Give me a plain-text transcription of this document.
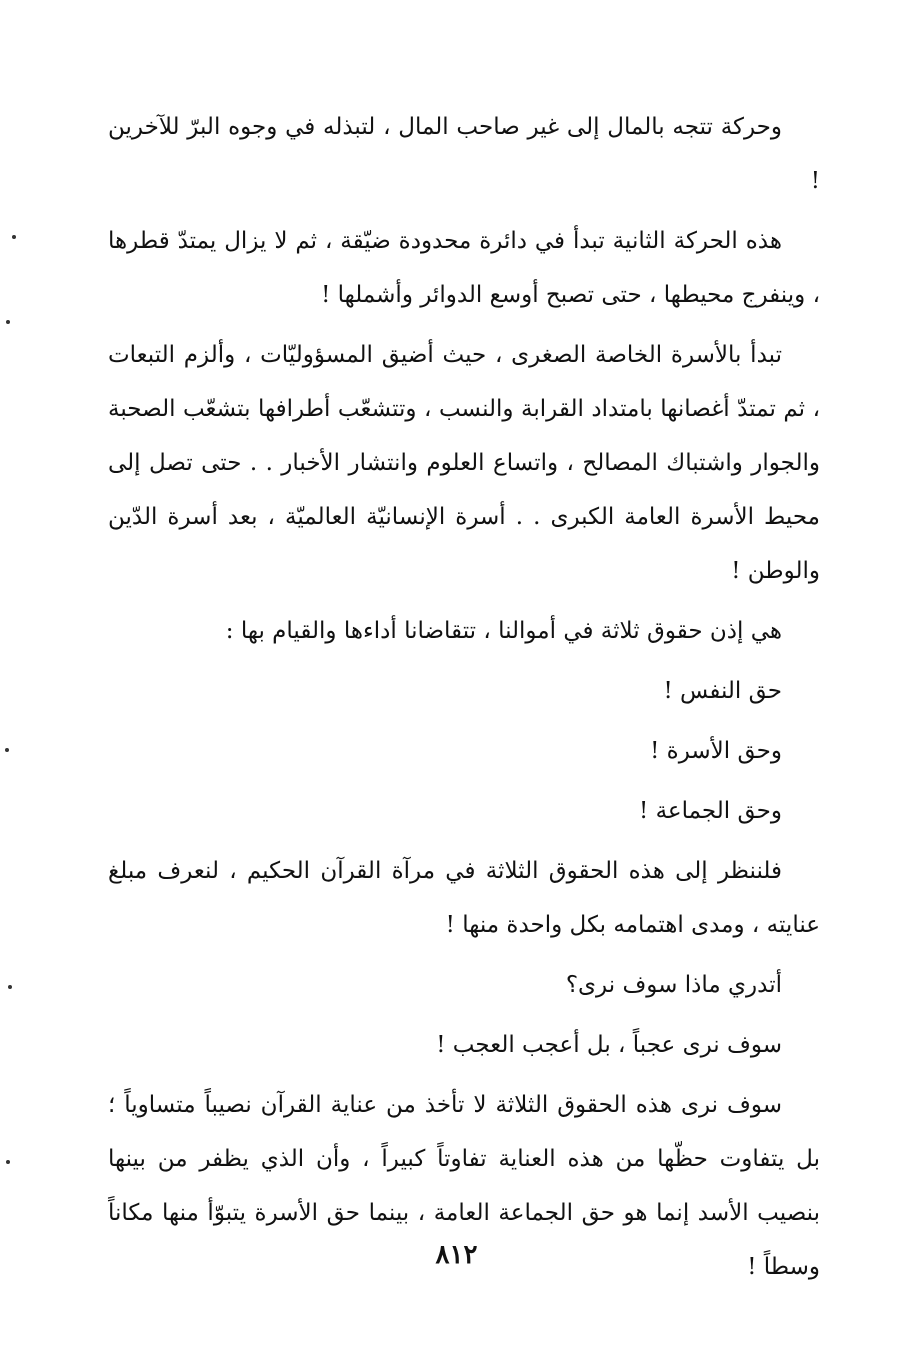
وحركة تتجه بالمال إلى غير صاحب المال ، لتبذله في وجوه البرّ للآخرين !

هذه الحركة الثانية تبدأ في دائرة محدودة ضيّقة ، ثم لا يزال يمتدّ قطرها ، وينفرج محيطها ، حتى تصبح أوسع الدوائر وأشملها !

تبدأ بالأسرة الخاصة الصغرى ، حيث أضيق المسؤوليّات ، وألزم التبعات ، ثم تمتدّ أغصانها بامتداد القرابة والنسب ، وتتشعّب أطرافها بتشعّب الصحبة والجوار واشتباك المصالح ، واتساع العلوم وانتشار الأخبار . . حتى تصل إلى محيط الأسرة العامة الكبرى . . أسرة الإنسانيّة العالميّة ، بعد أسرة الدّين والوطن !

هي إذن حقوق ثلاثة في أموالنا ، تتقاضانا أداءها والقيام بها :

حق النفس !

وحق الأسرة !

وحق الجماعة !

فلننظر إلى هذه الحقوق الثلاثة في مرآة القرآن الحكيم ، لنعرف مبلغ عنايته ، ومدى اهتمامه بكل واحدة منها !

أتدري ماذا سوف نرى؟

سوف نرى عجباً ، بل أعجب العجب !

سوف نرى هذه الحقوق الثلاثة لا تأخذ من عناية القرآن نصيباً متساوياً ؛ بل يتفاوت حظّها من هذه العناية تفاوتاً كبيراً ، وأن الذي يظفر من بينها بنصيب الأسد إنما هو حق الجماعة العامة ، بينما حق الأسرة يتبوّأ منها مكاناً وسطاً !

٨١٢
